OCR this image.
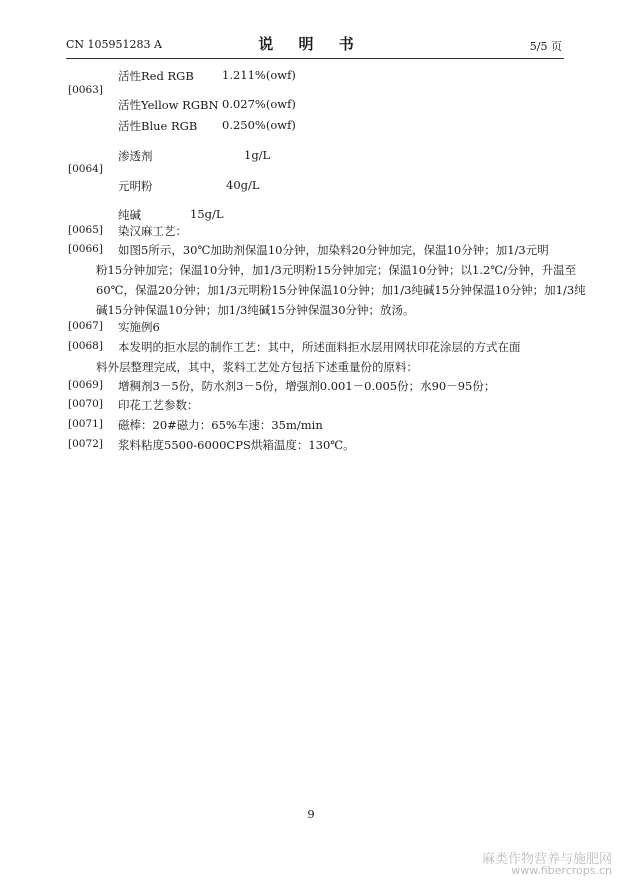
CN 105951283 A	说 明 书	5/5 页
活性Red RGB 1.211%(owf)
[0063]
活性Yellow RGBN 0.027%(owf)
活性Blue RGB 0.250%(owf)
渗透剂	1g/L
[0064]
元明粉	40g/L
纯碱	15g/L
[0065] 染汉麻工艺：
[0066] 如图5所示，30℃加助剂保温10分钟，加染料20分钟加完，保温10分钟；加1/3元明
粉15分钟加完；保温10分钟，加1/3元明粉15分钟加完；保温10分钟；以1.2℃/分钟，升温至
60℃，保温20分钟；加1/3元明粉15分钟保温10分钟；加1/3纯碱15分钟保温10分钟；加1/3纯
碱15分钟保温10分钟；加1/3纯碱15分钟保温30分钟；放汤。
[0067] 实施例6
[0068] 本发明的拒水层的制作工艺：其中，所述面料拒水层用网状印花涂层的方式在面
料外层整理完成，其中，浆料工艺处方包括下述重量份的原料：
[0069] 增稠剂3－5份，防水剂3－5份，增强剂0.001－0.005份；水90－95份；
[0070] 印花工艺参数：
[0071] 磁棒：20#磁力：65%车速：35m/min
[0072] 浆料粘度5500-6000CPS烘箱温度：130℃。
9
麻类作物营养与施肥网
www.fibercrops.cn
